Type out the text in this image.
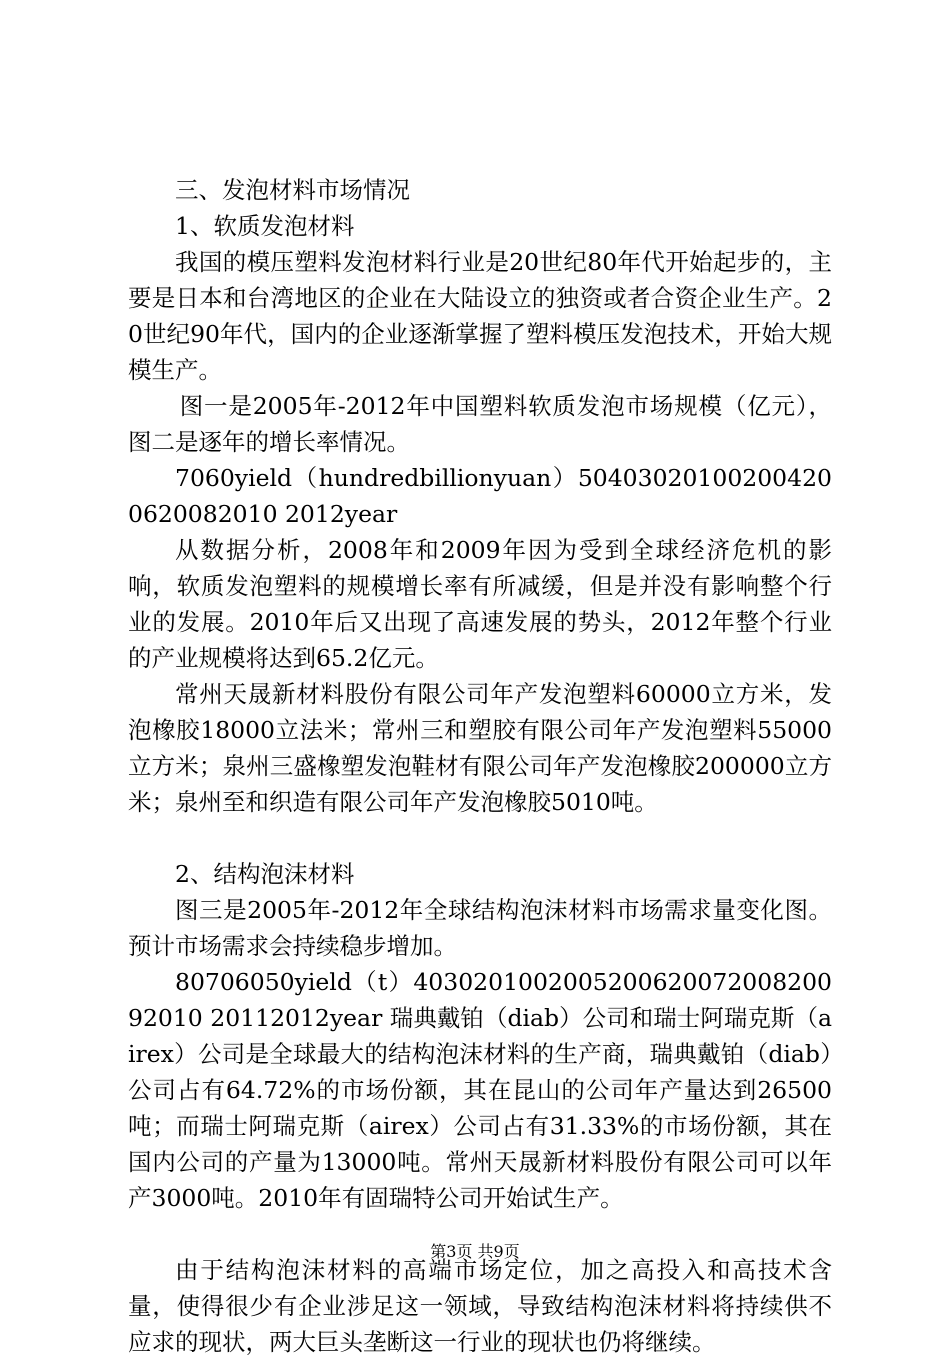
三、发泡材料市场情况

1、软质发泡材料

我国的模压塑料发泡材料行业是20世纪80年代开始起步的，主要是日本和台湾地区的企业在大陆设立的独资或者合资企业生产。20世纪90年代，国内的企业逐渐掌握了塑料模压发泡技术，开始大规模生产。

图一是2005年-2012年中国塑料软质发泡市场规模（亿元），图二是逐年的增长率情况。

7060yield（hundredbillionyuan）504030201002004200620082010 2012year

从数据分析，2008年和2009年因为受到全球经济危机的影响，软质发泡塑料的规模增长率有所减缓，但是并没有影响整个行业的发展。2010年后又出现了高速发展的势头，2012年整个行业的产业规模将达到65.2亿元。

常州天晟新材料股份有限公司年产发泡塑料60000立方米，发泡橡胶18000立法米；常州三和塑胶有限公司年产发泡塑料55000立方米；泉州三盛橡塑发泡鞋材有限公司年产发泡橡胶200000立方米；泉州至和织造有限公司年产发泡橡胶5010吨。

2、结构泡沫材料

图三是2005年-2012年全球结构泡沫材料市场需求量变化图。预计市场需求会持续稳步增加。

80706050yield（t）403020100200520062007200820092010 20112012year 瑞典戴铂（diab）公司和瑞士阿瑞克斯（airex）公司是全球最大的结构泡沫材料的生产商，瑞典戴铂（diab）公司占有64.72%的市场份额，其在昆山的公司年产量达到26500吨；而瑞士阿瑞克斯（airex）公司占有31.33%的市场份额，其在国内公司的产量为13000吨。常州天晟新材料股份有限公司可以年产3000吨。2010年有固瑞特公司开始试生产。

由于结构泡沫材料的高端市场定位，加之高投入和高技术含量，使得很少有企业涉足这一领域，导致结构泡沫材料将持续供不应求的现状，两大巨头垄断这一行业的现状也仍将继续。

第3页 共9页
